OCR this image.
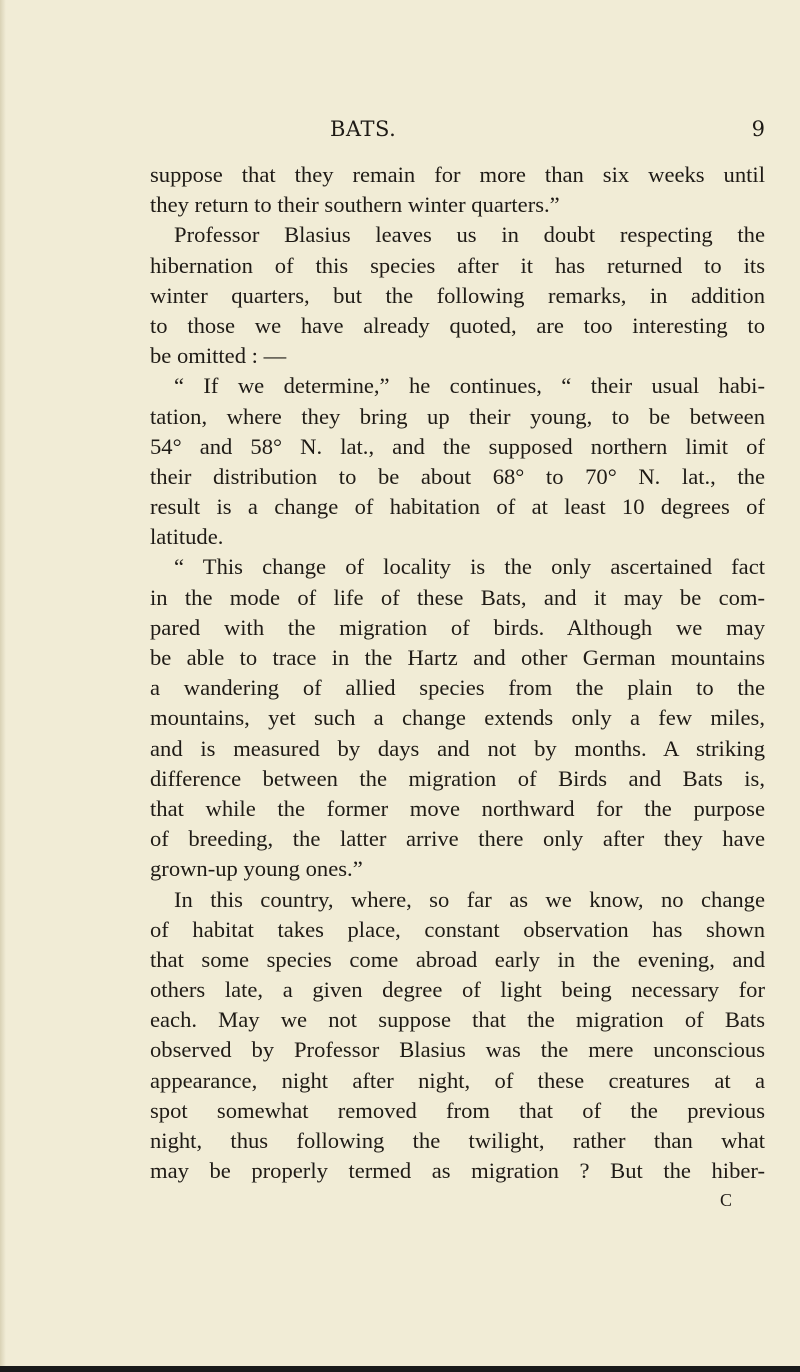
BATS.	9
suppose that they remain for more than six weeks until
they return to their southern winter quarters.”
Professor Blasius leaves us in doubt respecting the
hibernation of this species after it has returned to its
winter quarters, but the following remarks, in addition
to those we have already quoted, are too interesting to
be omitted : —
“ If we determine,” he continues, “ their usual habi-
tation, where they bring up their young, to be between
54° and 58° N. lat., and the supposed northern limit of
their distribution to be about 68° to 70° N. lat., the
result is a change of habitation of at least 10 degrees of
latitude.
“ This change of locality is the only ascertained fact
in the mode of life of these Bats, and it may be com-
pared with the migration of birds. Although we may
be able to trace in the Hartz and other German mountains
a wandering of allied species from the plain to the
mountains, yet such a change extends only a few miles,
and is measured by days and not by months. A striking
difference between the migration of Birds and Bats is,
that while the former move northward for the purpose
of breeding, the latter arrive there only after they have
grown-up young ones.”
In this country, where, so far as we know, no change
of habitat takes place, constant observation has shown
that some species come abroad early in the evening, and
others late, a given degree of light being necessary for
each. May we not suppose that the migration of Bats
observed by Professor Blasius was the mere unconscious
appearance, night after night, of these creatures at a
spot somewhat removed from that of the previous
night, thus following the twilight, rather than what
may be properly termed as migration ? But the hiber-
C
